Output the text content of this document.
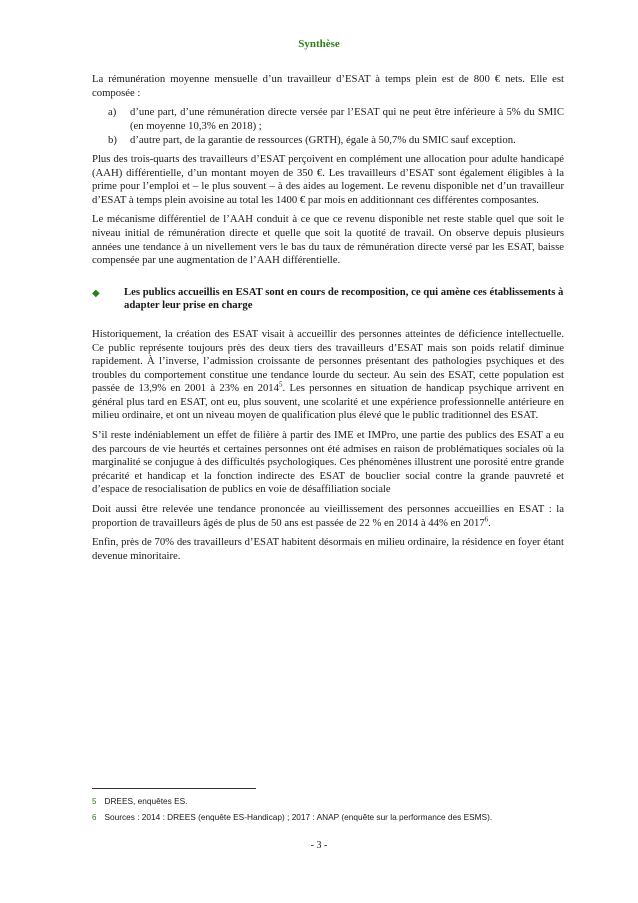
Synthèse

La rémunération moyenne mensuelle d’un travailleur d’ESAT à temps plein est de 800 € nets. Elle est composée :

a) d’une part, d’une rémunération directe versée par l’ESAT qui ne peut être inférieure à 5% du SMIC (en moyenne 10,3% en 2018) ;
b) d’autre part, de la garantie de ressources (GRTH), égale à 50,7% du SMIC sauf exception.

Plus des trois-quarts des travailleurs d’ESAT perçoivent en complément une allocation pour adulte handicapé (AAH) différentielle, d’un montant moyen de 350 €. Les travailleurs d’ESAT sont également éligibles à la prime pour l’emploi et – le plus souvent – à des aides au logement. Le revenu disponible net d’un travailleur d’ESAT à temps plein avoisine au total les 1400 € par mois en additionnant ces différentes composantes.

Le mécanisme différentiel de l’AAH conduit à ce que ce revenu disponible net reste stable quel que soit le niveau initial de rémunération directe et quelle que soit la quotité de travail. On observe depuis plusieurs années une tendance à un nivellement vers le bas du taux de rémunération directe versé par les ESAT, baisse compensée par une augmentation de l’AAH différentielle.

◆ Les publics accueillis en ESAT sont en cours de recomposition, ce qui amène ces établissements à adapter leur prise en charge

Historiquement, la création des ESAT visait à accueillir des personnes atteintes de déficience intellectuelle. Ce public représente toujours près des deux tiers des travailleurs d’ESAT mais son poids relatif diminue rapidement. À l’inverse, l’admission croissante de personnes présentant des pathologies psychiques et des troubles du comportement constitue une tendance lourde du secteur. Au sein des ESAT, cette population est passée de 13,9% en 2001 à 23% en 2014$^5$. Les personnes en situation de handicap psychique arrivent en général plus tard en ESAT, ont eu, plus souvent, une scolarité et une expérience professionnelle antérieure en milieu ordinaire, et ont un niveau moyen de qualification plus élevé que le public traditionnel des ESAT.

S’il reste indéniablement un effet de filière à partir des IME et IMPro, une partie des publics des ESAT a eu des parcours de vie heurtés et certaines personnes ont été admises en raison de problématiques sociales où la marginalité se conjugue à des difficultés psychologiques. Ces phénomènes illustrent une porosité entre grande précarité et handicap et la fonction indirecte des ESAT de bouclier social contre la grande pauvreté et d’espace de resocialisation de publics en voie de désaffiliation sociale

Doit aussi être relevée une tendance prononcée au vieillissement des personnes accueillies en ESAT : la proportion de travailleurs âgés de plus de 50 ans est passée de 22 % en 2014 à 44% en 2017$^6$.

Enfin, près de 70% des travailleurs d’ESAT habitent désormais en milieu ordinaire, la résidence en foyer étant devenue minoritaire.

5 DREES, enquêtes ES.
6 Sources : 2014 : DREES (enquête ES-Handicap) ; 2017 : ANAP (enquête sur la performance des ESMS).
- 3 -
